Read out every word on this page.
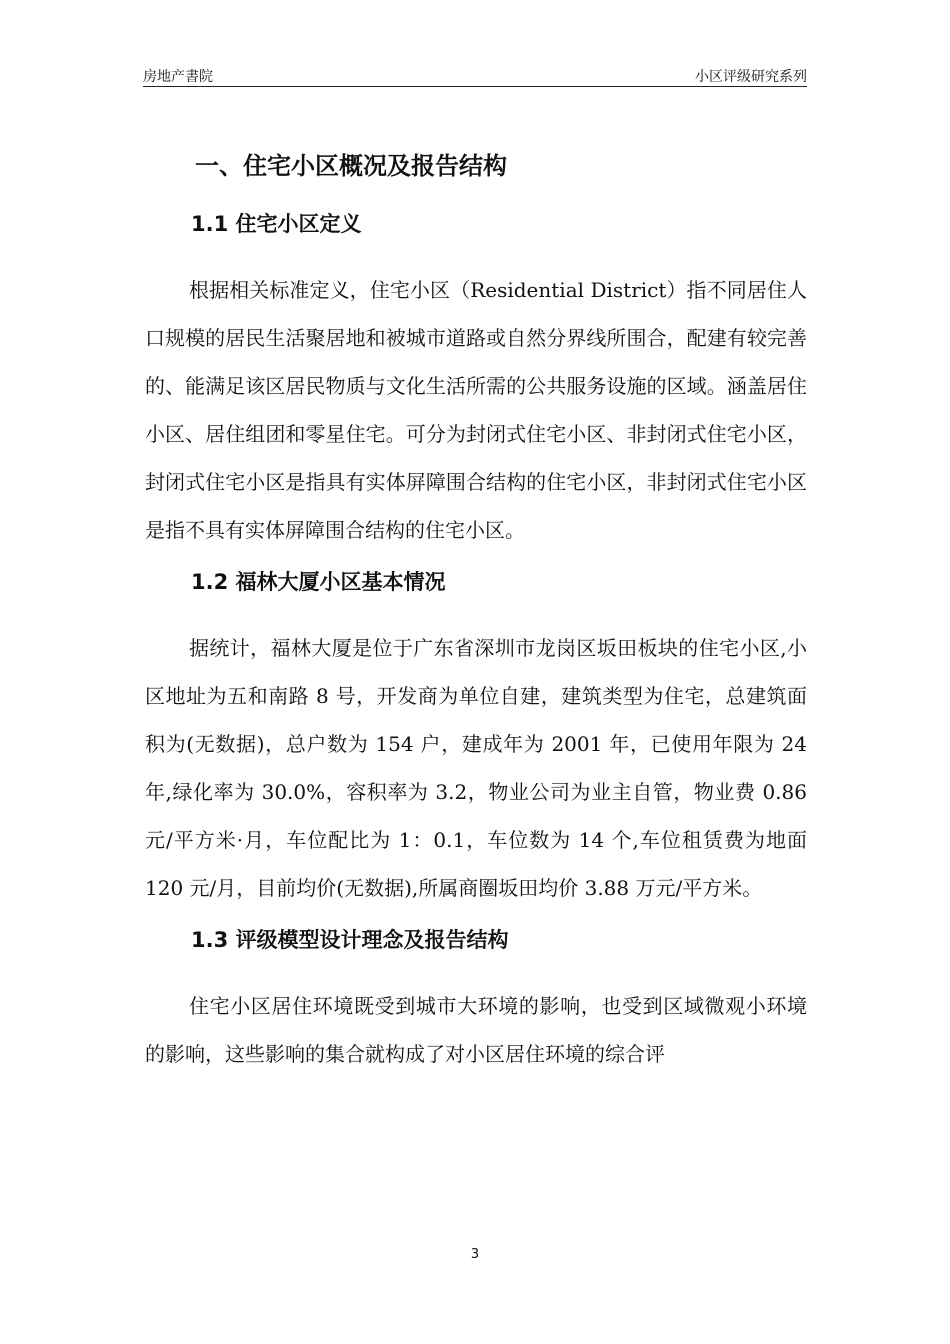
房地产書院	小区评级研究系列
一、住宅小区概况及报告结构
1.1 住宅小区定义

根据相关标准定义，住宅小区（Residential District）指不同居住人口规模的居民生活聚居地和被城市道路或自然分界线所围合，配建有较完善的、能满足该区居民物质与文化生活所需的公共服务设施的区域。涵盖居住小区、居住组团和零星住宅。可分为封闭式住宅小区、非封闭式住宅小区，封闭式住宅小区是指具有实体屏障围合结构的住宅小区，非封闭式住宅小区是指不具有实体屏障围合结构的住宅小区。

1.2 福林大厦小区基本情况

据统计，福林大厦是位于广东省深圳市龙岗区坂田板块的住宅小区,小区地址为五和南路 8 号，开发商为单位自建，建筑类型为住宅，总建筑面积为(无数据)，总户数为 154 户，建成年为 2001 年，已使用年限为 24 年,绿化率为 30.0%，容积率为 3.2，物业公司为业主自管，物业费 0.86 元/平方米·月，车位配比为 1：0.1，车位数为 14 个,车位租赁费为地面 120 元/月，目前均价(无数据),所属商圈坂田均价 3.88 万元/平方米。

1.3 评级模型设计理念及报告结构

住宅小区居住环境既受到城市大环境的影响，也受到区域微观小环境的影响，这些影响的集合就构成了对小区居住环境的综合评

3
